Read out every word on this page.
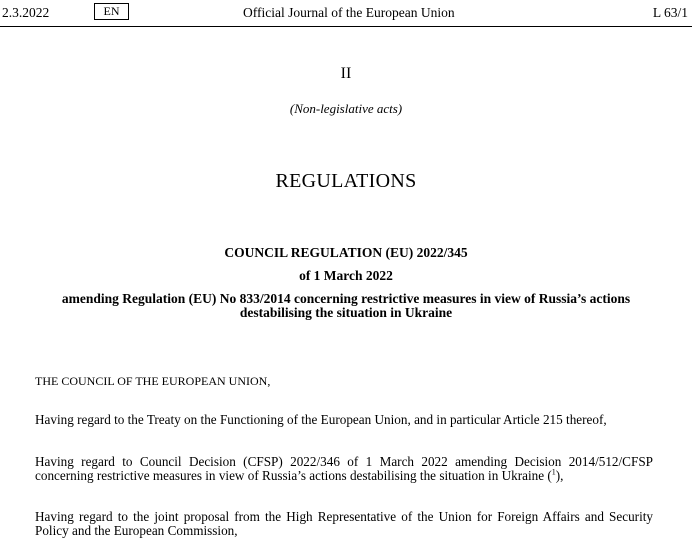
2.3.2022	EN	Official Journal of the European Union	L 63/1
II
(Non-legislative acts)
REGULATIONS
COUNCIL REGULATION (EU) 2022/345
of 1 March 2022
amending Regulation (EU) No 833/2014 concerning restrictive measures in view of Russia’s actions
destabilising the situation in Ukraine
THE COUNCIL OF THE EUROPEAN UNION,
Having regard to the Treaty on the Functioning of the European Union, and in particular Article 215 thereof,
Having regard to Council Decision (CFSP) 2022/346 of 1 March 2022 amending Decision 2014/512/CFSP concerning restrictive measures in view of Russia’s actions destabilising the situation in Ukraine ($^1$),
Having regard to the joint proposal from the High Representative of the Union for Foreign Affairs and Security Policy and the European Commission,
